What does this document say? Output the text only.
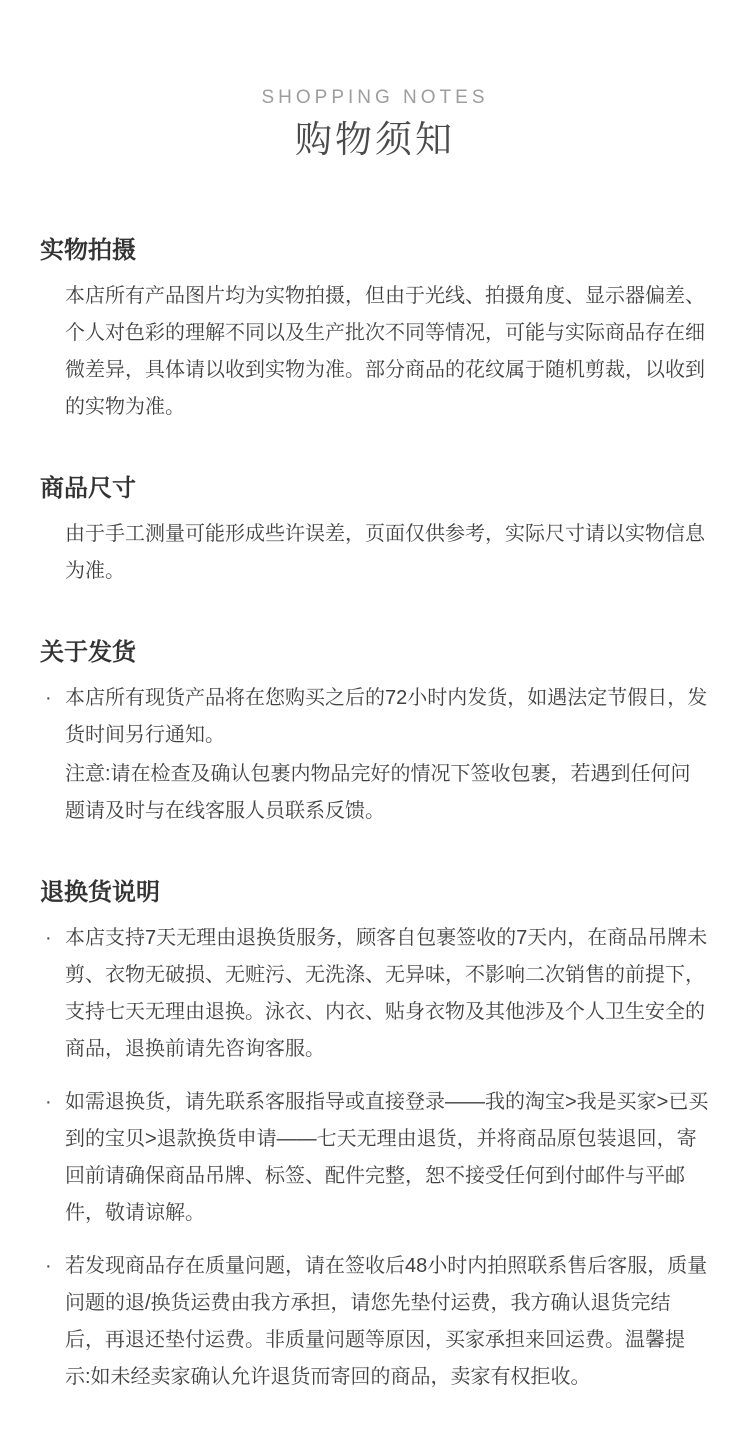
SHOPPING NOTES
购物须知
实物拍摄

本店所有产品图片均为实物拍摄，但由于光线、拍摄角度、显示器偏差、个人对色彩的理解不同以及生产批次不同等情况，可能与实际商品存在细微差异，具体请以收到实物为准。部分商品的花纹属于随机剪裁，以收到的实物为准。

商品尺寸

由于手工测量可能形成些许误差，页面仅供参考，实际尺寸请以实物信息为准。

关于发货
· 本店所有现货产品将在您购买之后的72小时内发货，如遇法定节假日，发货时间另行通知。

注意:请在检查及确认包裹内物品完好的情况下签收包裹，若遇到任何问题请及时与在线客服人员联系反馈。

退换货说明
· 本店支持7天无理由退换货服务，顾客自包裹签收的7天内，在商品吊牌未剪、衣物无破损、无赃污、无洗涤、无异味，不影响二次销售的前提下，支持七天无理由退换。泳衣、内衣、贴身衣物及其他涉及个人卫生安全的商品，退换前请先咨询客服。

· 如需退换货，请先联系客服指导或直接登录——我的淘宝>我是买家>已买到的宝贝>退款换货申请——七天无理由退货，并将商品原包装退回，寄回前请确保商品吊牌、标签、配件完整，恕不接受任何到付邮件与平邮件，敬请谅解。

· 若发现商品存在质量问题，请在签收后48小时内拍照联系售后客服，质量问题的退/换货运费由我方承担，请您先垫付运费，我方确认退货完结后，再退还垫付运费。非质量问题等原因，买家承担来回运费。温馨提示:如未经卖家确认允许退货而寄回的商品，卖家有权拒收。
